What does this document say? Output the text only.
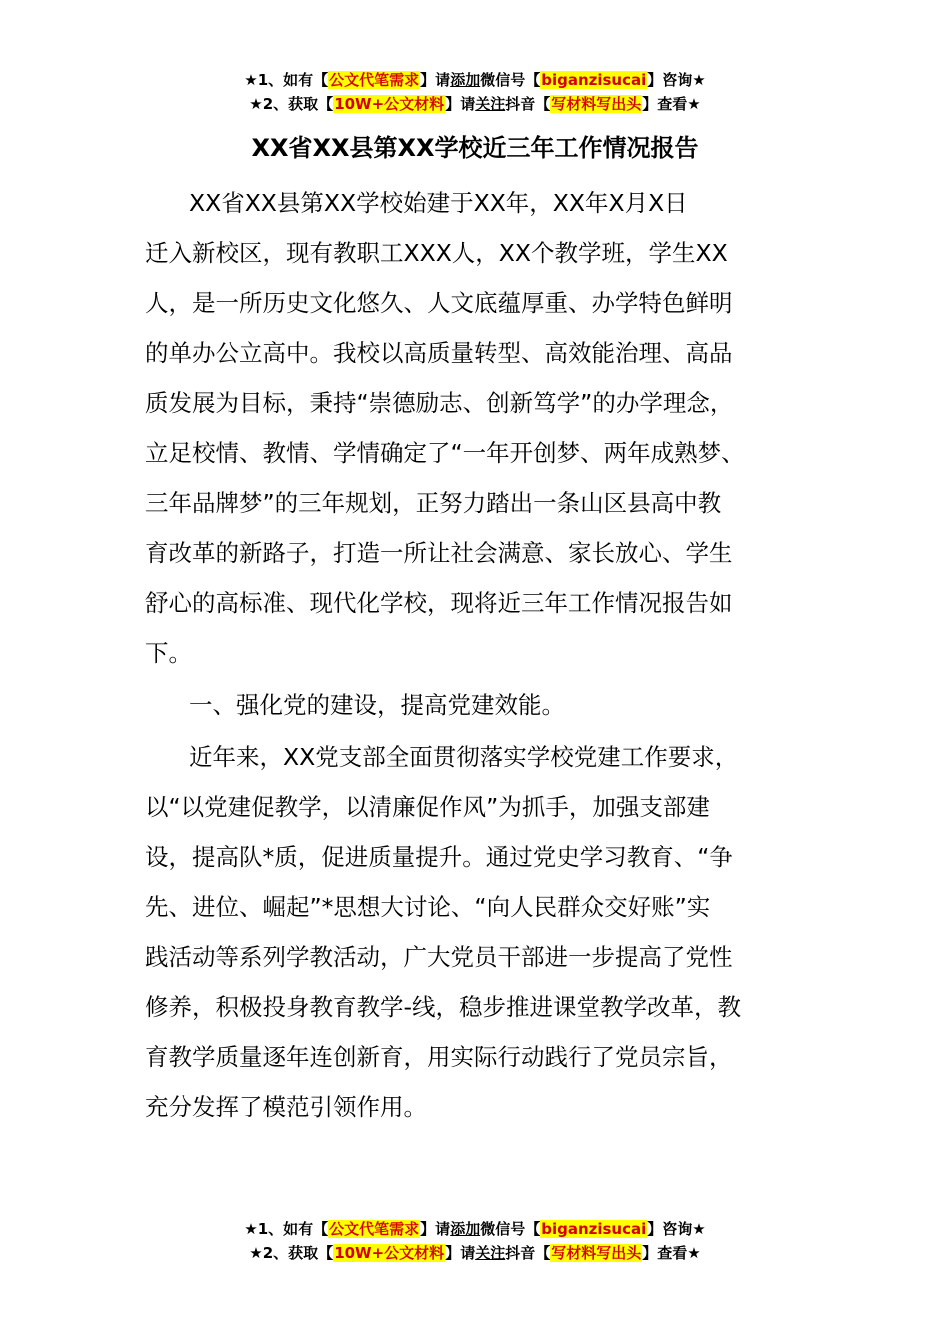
★1、如有【公文代笔需求】请添加微信号【biganzisucai】咨询★
★2、获取【10W+公文材料】请关注抖音【写材料写出头】查看★
XX省XX县第XX学校近三年工作情况报告

XX省XX县第XX学校始建于XX年，XX年X月X日
迁入新校区，现有教职工XXX人，XX个教学班，学生XX
人，是一所历史文化悠久、人文底蕴厚重、办学特色鲜明
的单办公立高中。我校以高质量转型、高效能治理、高品
质发展为目标，秉持“崇德励志、创新笃学”的办学理念，
立足校情、教情、学情确定了“一年开创梦、两年成熟梦、
三年品牌梦”的三年规划，正努力踏出一条山区县高中教
育改革的新路子，打造一所让社会满意、家长放心、学生
舒心的高标准、现代化学校，现将近三年工作情况报告如
下。

一、强化党的建设，提高党建效能。

近年来，XX党支部全面贯彻落实学校党建工作要求，
以“以党建促教学，以清廉促作风”为抓手，加强支部建
设，提高队*质，促进质量提升。通过党史学习教育、“争
先、进位、崛起”*思想大讨论、“向人民群众交好账”实
践活动等系列学教活动，广大党员干部进一步提高了党性
修养，积极投身教育教学-线，稳步推进课堂教学改革，教
育教学质量逐年连创新育，用实际行动践行了党员宗旨，
充分发挥了模范引领作用。

★1、如有【公文代笔需求】请添加微信号【biganzisucai】咨询★
★2、获取【10W+公文材料】请关注抖音【写材料写出头】查看★
